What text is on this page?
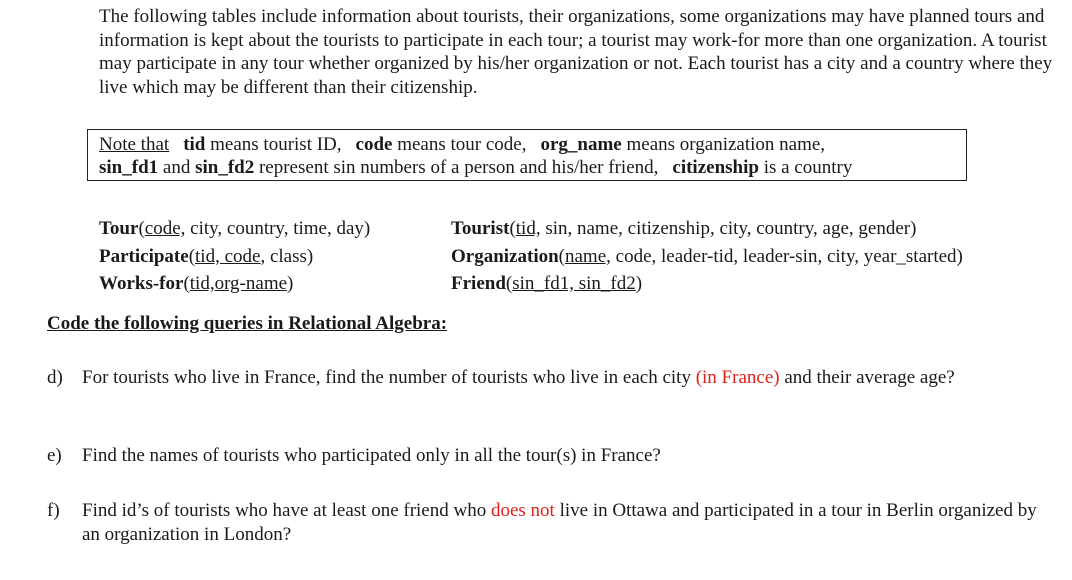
The following tables include information about tourists, their organizations, some organizations may have planned tours and information is kept about the tourists to participate in each tour; a tourist may work-for more than one organization. A tourist may participate in any tour whether organized by his/her organization or not. Each tourist has a city and a country where they live which may be different than their citizenship.

Note that tid means tourist ID, code means tour code, org_name means organization name,
sin_fd1 and sin_fd2 represent sin numbers of a person and his/her friend, citizenship is a country
Tour(code, city, country, time, day)
Participate(tid, code, class)
Works-for(tid,org-name)
Tourist(tid, sin, name, citizenship, city, country, age, gender)
Organization(name, code, leader-tid, leader-sin, city, year_started)
Friend(sin_fd1, sin_fd2)

Code the following queries in Relational Algebra:

d) For tourists who live in France, find the number of tourists who live in each city (in France) and their average age?
e) Find the names of tourists who participated only in all the tour(s) in France?
f) Find id’s of tourists who have at least one friend who does not live in Ottawa and participated in a tour in Berlin organized by an organization in London?
